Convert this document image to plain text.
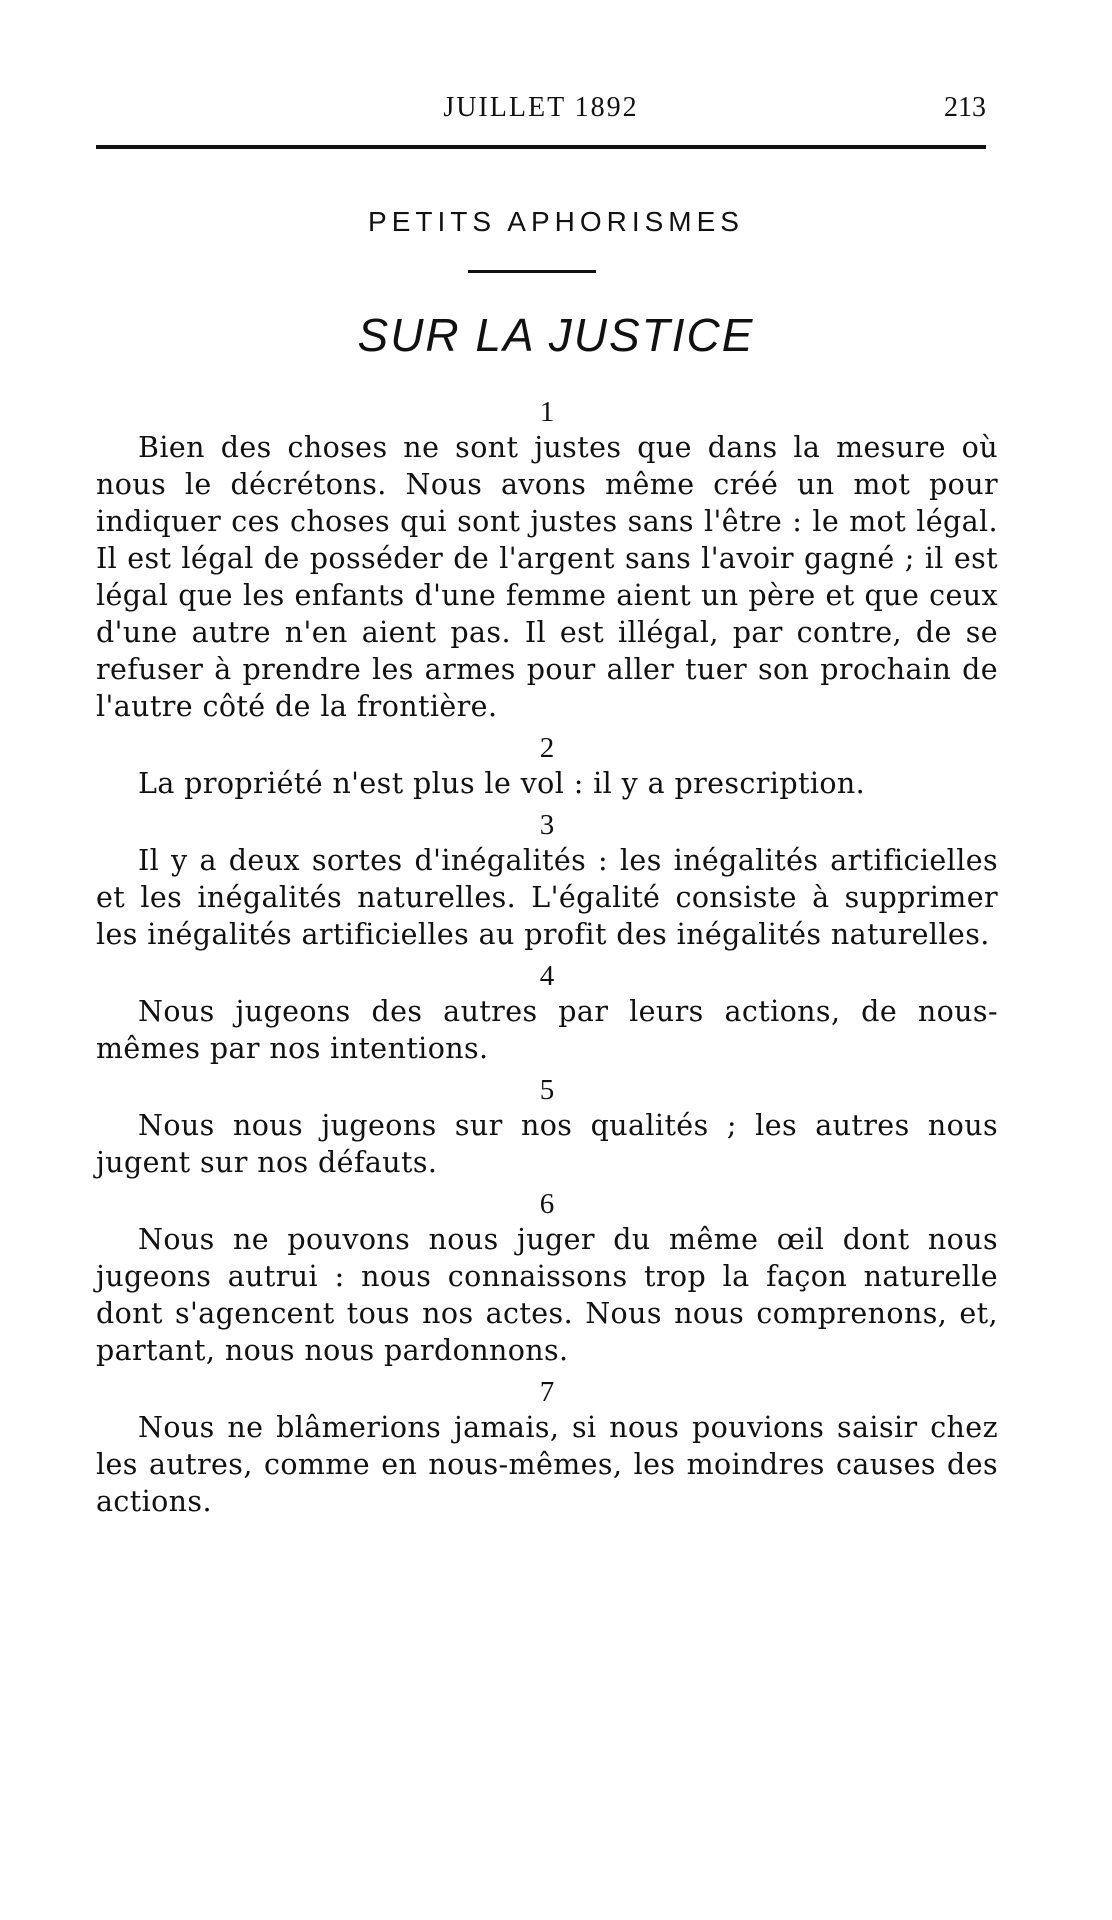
JUILLET 1892	213
PETITS APHORISMES
SUR LA JUSTICE
1

Bien des choses ne sont justes que dans la mesure où nous le décrétons. Nous avons même créé un mot pour indiquer ces choses qui sont justes sans l'être : le mot légal. Il est légal de posséder de l'argent sans l'avoir gagné ; il est légal que les enfants d'une femme aient un père et que ceux d'une autre n'en aient pas. Il est illégal, par contre, de se refuser à prendre les armes pour aller tuer son prochain de l'autre côté de la frontière.

2

La propriété n'est plus le vol : il y a prescription.

3

Il y a deux sortes d'inégalités : les inégalités artificielles et les inégalités naturelles. L'égalité consiste à supprimer les inégalités artificielles au profit des inégalités naturelles.

4

Nous jugeons des autres par leurs actions, de nous-mêmes par nos intentions.

5

Nous nous jugeons sur nos qualités ; les autres nous jugent sur nos défauts.

6

Nous ne pouvons nous juger du même œil dont nous jugeons autrui : nous connaissons trop la façon naturelle dont s'agencent tous nos actes. Nous nous comprenons, et, partant, nous nous pardonnons.

7

Nous ne blâmerions jamais, si nous pouvions saisir chez les autres, comme en nous-mêmes, les moindres causes des actions.
